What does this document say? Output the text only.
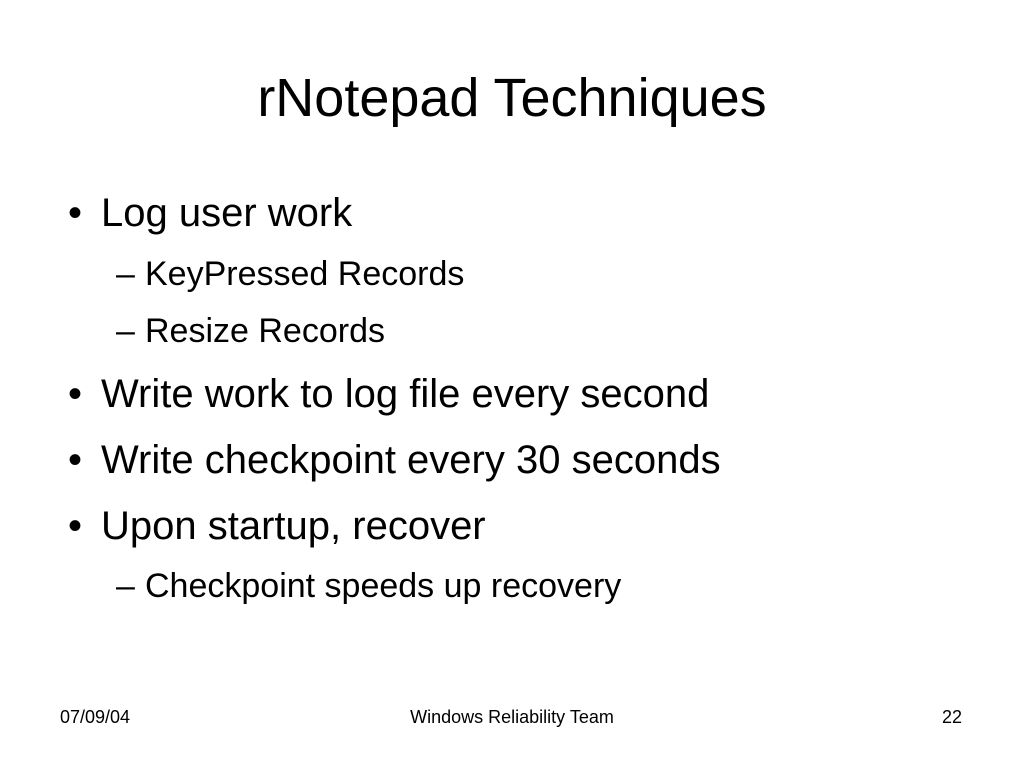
rNotepad Techniques
• Log user work
– KeyPressed Records
– Resize Records
• Write work to log file every second
• Write checkpoint every 30 seconds
• Upon startup, recover
– Checkpoint speeds up recovery
07/09/04	Windows Reliability Team	22
